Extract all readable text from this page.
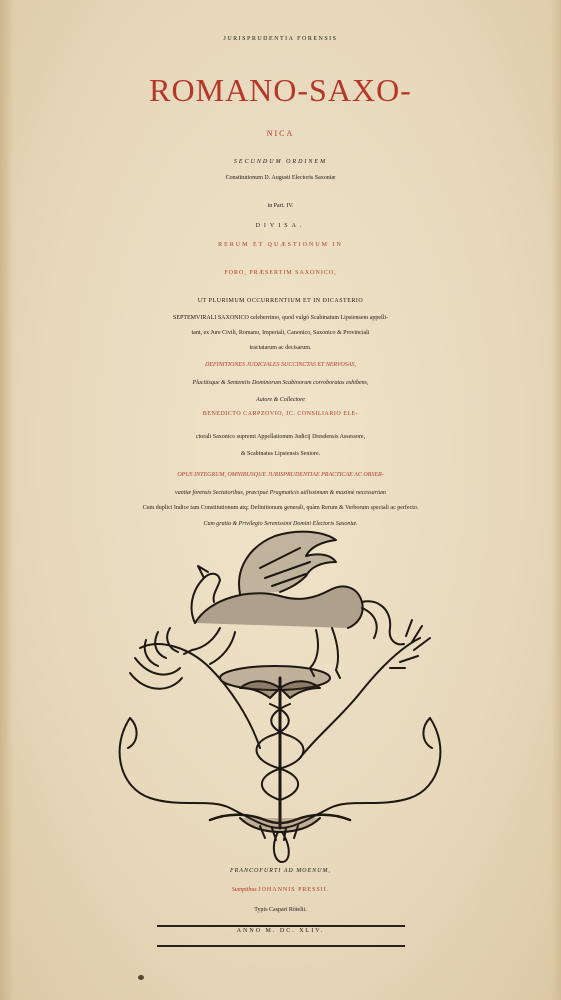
JURISPRUDENTIA FORENSIS
ROMANO-SAXO-
NICA
SECUNDUM ORDINEM
Constitutionum D. Augusti Electoris Saxoniæ
in Part. IV.
DIVISA.
RERUM ET QUÆSTIONUM IN
FORO, PRÆSERTIM SAXONICO,
UT PLURIMUM OCCURRENTIUM ET IN DICASTERIO
SEPTEMVIRALI SAXONICO celeberrimo, quod vulgò Scabinatum Lipsiensem appelli-
tant, ex Jure Civili, Romano, Imperiali, Canonico, Saxonico & Provinciali
tractatarum ac decisarum.
DEFINITIONES JUDICIALES SUCCINCTAS ET NERVOSAS,
Placitisque & Sententiis Dominorum Scabinorum corroboratas exhibens,
Autore & Collectore
BENEDICTO CARPZOVIO, JC. CONSILIARIO ELE-
ctorali Saxonico supremi Appellationum Judicij Dresdensis Assessore,
& Scabinatus Lipsiensis Seniore.
OPUS INTEGRUM, OMNIBUSQUE JURISPRUDENTIAE PRACTICAE AC OBSER-
vantiæ forensis Sectatoribus, præcipuè Pragmaticis utilissimum & maximè necessarium
Cum duplici Indice tam Constitutionum atq; Definitionum generali, quàm Rerum & Verborum speciali ac perfecto.
Cum gratia & Privilegio Serenissimi Domini Electoris Saxoniæ.
FRANCOFURTI AD MOENUM,
Sumptibus JOHANNIS PRESSII.
Typis Caspari Rötelii.
ANNO M. DC. XLIV.
